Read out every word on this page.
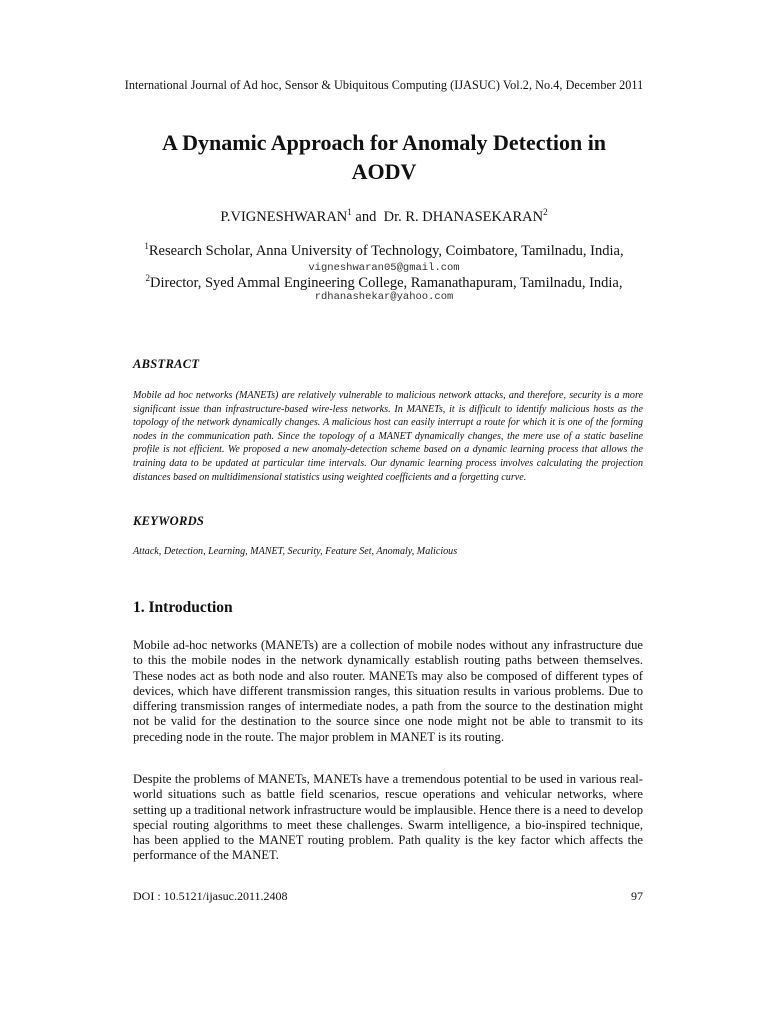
International Journal of Ad hoc, Sensor & Ubiquitous Computing (IJASUC) Vol.2, No.4, December 2011
A Dynamic Approach for Anomaly Detection in
AODV
P.VIGNESHWARAN$^1$ and  Dr. R. DHANASEKARAN$^2$
$^1$Research Scholar, Anna University of Technology, Coimbatore, Tamilnadu, India,
vigneshwaran05@gmail.com
$^2$Director, Syed Ammal Engineering College, Ramanathapuram, Tamilnadu, India,
rdhanashekar@yahoo.com
ABSTRACT
Mobile ad hoc networks (MANETs) are relatively vulnerable to malicious network attacks, and therefore, security is a more significant issue than infrastructure-based wire-less networks. In MANETs, it is difficult to identify malicious hosts as the topology of the network dynamically changes. A malicious host can easily interrupt a route for which it is one of the forming nodes in the communication path. Since the topology of a MANET dynamically changes, the mere use of a static baseline profile is not efficient. We proposed a new anomaly-detection scheme based on a dynamic learning process that allows the training data to be updated at particular time intervals. Our dynamic learning process involves calculating the projection distances based on multidimensional statistics using weighted coefficients and a forgetting curve.
KEYWORDS
Attack, Detection, Learning, MANET, Security, Feature Set, Anomaly, Malicious
1. Introduction
Mobile ad-hoc networks (MANETs) are a collection of mobile nodes without any infrastructure due to this the mobile nodes in the network dynamically establish routing paths between themselves. These nodes act as both node and also router. MANETs may also be composed of different types of devices, which have different transmission ranges, this situation results in various problems. Due to differing transmission ranges of intermediate nodes, a path from the source to the destination might not be valid for the destination to the source since one node might not be able to transmit to its preceding node in the route. The major problem in MANET is its routing.
Despite the problems of MANETs, MANETs have a tremendous potential to be used in various real-world situations such as battle field scenarios, rescue operations and vehicular networks, where setting up a traditional network infrastructure would be implausible. Hence there is a need to develop special routing algorithms to meet these challenges. Swarm intelligence, a bio-inspired technique, has been applied to the MANET routing problem. Path quality is the key factor which affects the performance of the MANET.
DOI : 10.5121/ijasuc.2011.2408	97
